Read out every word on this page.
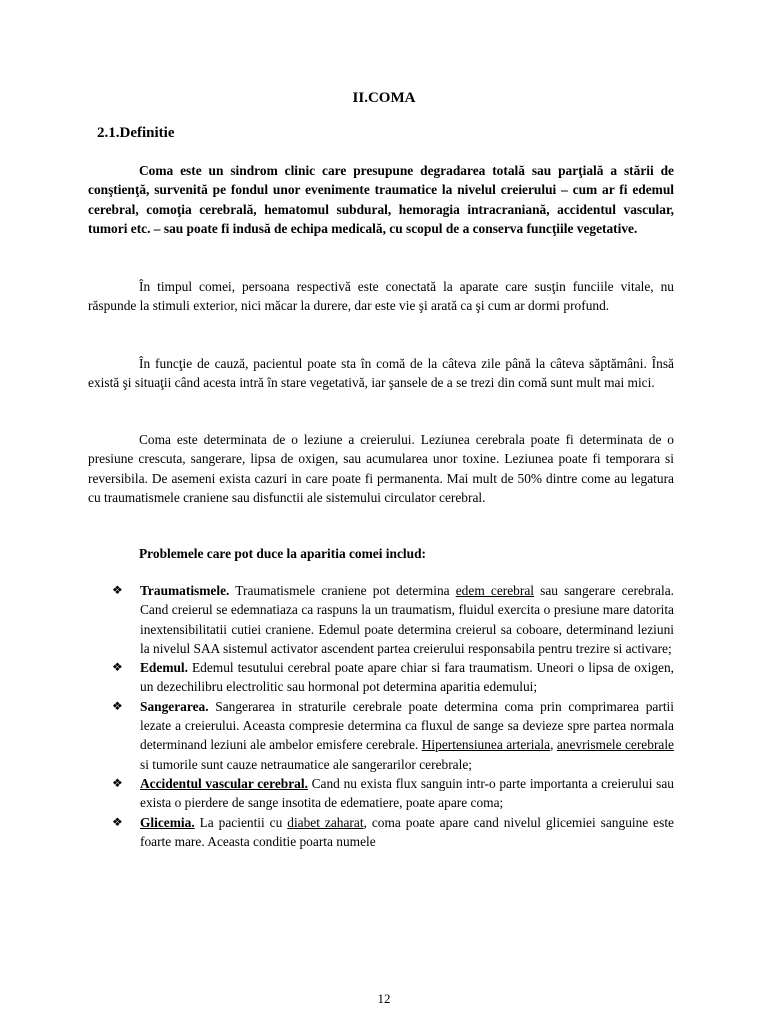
II.COMA
2.1.Definitie

Coma este un sindrom clinic care presupune degradarea totală sau parţială a stării de conştienţă, survenită pe fondul unor evenimente traumatice la nivelul creierului – cum ar fi edemul cerebral, comoţia cerebrală, hematomul subdural, hemoragia intracraniană, accidentul vascular, tumori etc. – sau poate fi indusă de echipa medicală, cu scopul de a conserva funcţiile vegetative.

În timpul comei, persoana respectivă este conectată la aparate care susţin funciile vitale, nu răspunde la stimuli exterior, nici măcar la durere, dar este vie şi arată ca şi cum ar dormi profund.

În funcţie de cauză, pacientul poate sta în comă de la câteva zile până la câteva săptămâni. Însă există şi situaţii când acesta intră în stare vegetativă, iar şansele de a se trezi din comă sunt mult mai mici.

Coma este determinata de o leziune a creierului. Leziunea cerebrala poate fi determinata de o presiune crescuta, sangerare, lipsa de oxigen, sau acumularea unor toxine. Leziunea poate fi temporara si reversibila. De asemeni exista cazuri in care poate fi permanenta. Mai mult de 50% dintre come au legatura cu traumatismele craniene sau disfunctii ale sistemului circulator cerebral.

Problemele care pot duce la aparitia comei includ:
❖	Traumatismele. Traumatismele craniene pot determina edem cerebral sau sangerare cerebrala. Cand creierul se edemnatiaza ca raspuns la un traumatism, fluidul exercita o presiune mare datorita inextensibilitatii cutiei craniene. Edemul poate determina creierul sa coboare, determinand leziuni la nivelul SAA sistemul activator ascendent partea creierului responsabila pentru trezire si activare;
❖	Edemul. Edemul tesutului cerebral poate apare chiar si fara traumatism. Uneori o lipsa de oxigen, un dezechilibru electrolitic sau hormonal pot determina aparitia edemului;
❖	Sangerarea. Sangerarea in straturile cerebrale poate determina coma prin comprimarea partii lezate a creierului. Aceasta compresie determina ca fluxul de sange sa devieze spre partea normala determinand leziuni ale ambelor emisfere cerebrale. Hipertensiunea arteriala, anevrismele cerebrale si tumorile sunt cauze netraumatice ale sangerarilor cerebrale;
❖	Accidentul vascular cerebral. Cand nu exista flux sanguin intr-o parte importanta a creierului sau exista o pierdere de sange insotita de edematiere, poate apare coma;
❖	Glicemia. La pacientii cu diabet zaharat, coma poate apare cand nivelul glicemiei sanguine este foarte mare. Aceasta conditie poarta numele
12
